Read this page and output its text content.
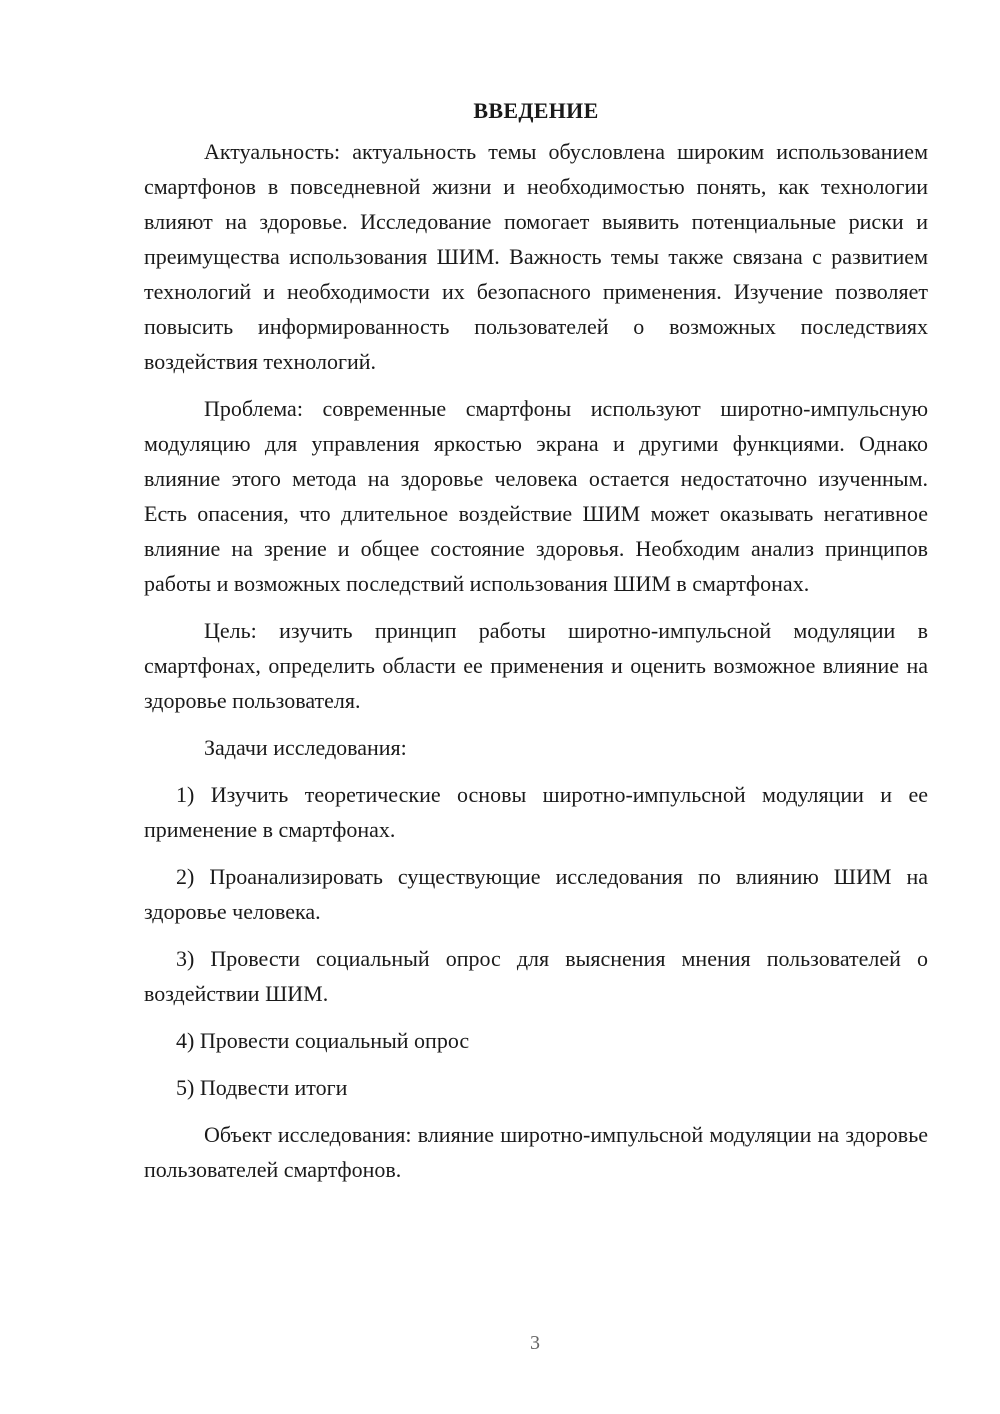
ВВЕДЕНИЕ

Актуальность: актуальность темы обусловлена широким использованием смартфонов в повседневной жизни и необходимостью понять, как технологии влияют на здоровье. Исследование помогает выявить потенциальные риски и преимущества использования ШИМ. Важность темы также связана с развитием технологий и необходимости их безопасного применения. Изучение позволяет повысить информированность пользователей о возможных последствиях воздействия технологий.

Проблема: современные смартфоны используют широтно-импульсную модуляцию для управления яркостью экрана и другими функциями. Однако влияние этого метода на здоровье человека остается недостаточно изученным. Есть опасения, что длительное воздействие ШИМ может оказывать негативное влияние на зрение и общее состояние здоровья. Необходим анализ принципов работы и возможных последствий использования ШИМ в смартфонах.

Цель: изучить принцип работы широтно-импульсной модуляции в смартфонах, определить области ее применения и оценить возможное влияние на здоровье пользователя.

Задачи исследования:

1) Изучить теоретические основы широтно-импульсной модуляции и ее применение в смартфонах.

2) Проанализировать существующие исследования по влиянию ШИМ на здоровье человека.

3) Провести социальный опрос для выяснения мнения пользователей о воздействии ШИМ.

4) Провести социальный опрос

5) Подвести итоги

Объект исследования: влияние широтно-импульсной модуляции на здоровье пользователей смартфонов.

3
